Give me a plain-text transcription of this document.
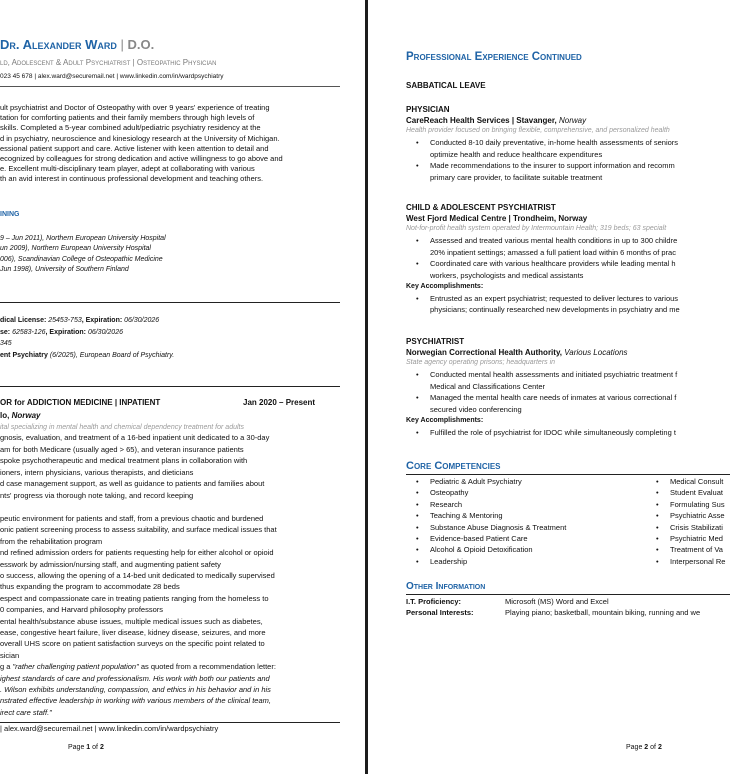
Dr. Alexander Ward | D.O.
ld, Adolescent & Adult Psychiatrist | Osteopathic Physician
023 45 678 | alex.ward@securemail.net | www.linkedin.com/in/wardpsychiatry
ult psychiatrist and Doctor of Osteopathy with over 9 years' experience of treating
tation for comforting patients and their family members through high levels of
skills. Completed a 5-year combined adult/pediatric psychiatry residency at the
d in psychiatry, neuroscience and kinesiology research at the University of Michigan.
essional patient support and care. Active listener with keen attention to detail and
ecognized by colleagues for strong dedication and active willingness to go above and
e. Excellent multi-disciplinary team player, adept at collaborating with various
th an avid interest in continuous professional development and teaching others.
ining
9 – Jun 2011), Northern European University Hospital
un 2009), Northern European University Hospital
006), Scandinavian College of Osteopathic Medicine
Jun 1998), University of Southern Finland
dical License: 25453-753, Expiration: 06/30/2026
se: 62583-126, Expiration: 06/30/2026
345
ent Psychiatry (6/2025), European Board of Psychiatry.
OR for ADDICTION MEDICINE | INPATIENT	Jan 2020 – Present
lo, Norway
ital specializing in mental health and chemical dependency treatment for adults
gnosis, evaluation, and treatment of a 16-bed inpatient unit dedicated to a 30-day
am for both Medicare (usually aged > 65), and veteran insurance patients
spoke psychotherapeutic and medical treatment plans in collaboration with
ioners, intern physicians, various therapists, and dieticians
d case management support, as well as guidance to patients and families about
nts' progress via thorough note taking, and record keeping
peutic environment for patients and staff, from a previous chaotic and burdened
onic patient screening process to assess suitability, and surface medical issues that
from the rehabilitation program
nd refined admission orders for patients requesting help for either alcohol or opioid
esswork by admission/nursing staff, and augmenting patient safety
o success, allowing the opening of a 14-bed unit dedicated to medically supervised
thus expanding the program to accommodate 28 beds
espect and compassionate care in treating patients ranging from the homeless to
0 companies, and Harvard philosophy professors
ental health/substance abuse issues, multiple medical issues such as diabetes,
ease, congestive heart failure, liver disease, kidney disease, seizures, and more
overall UHS score on patient satisfaction surveys on the specific point related to
sician
g a "rather challenging patient population" as quoted from a recommendation letter:
ighest standards of care and professionalism. His work with both our patients and
. Wilson exhibits understanding, compassion, and ethics in his behavior and in his
nstrated effective leadership in working with various members of the clinical team,
irect care staff."
| alex.ward@securemail.net | www.linkedin.com/in/wardpsychiatry
Page 1 of 2
Professional Experience Continued
SABBATICAL LEAVE
PHYSICIAN
CareReach Health Services | Stavanger, Norway
Health provider focused on bringing flexible, comprehensive, and personalized health
• Conducted 8-10 daily preventative, in-home health assessments of seniors
optimize health and reduce healthcare expenditures
• Made recommendations to the insurer to support information and recomm
primary care provider, to facilitate suitable treatment
CHILD & ADOLESCENT PSYCHIATRIST
West Fjord Medical Centre | Trondheim, Norway
Not-for-profit health system operated by Intermountain Health; 319 beds; 63 specialt
• Assessed and treated various mental health conditions in up to 300 childre
20% inpatient settings; amassed a full patient load within 6 months of prac
• Coordinated care with various healthcare providers while leading mental h
workers, psychologists and medical assistants
Key Accomplishments:
• Entrusted as an expert psychiatrist; requested to deliver lectures to various
physicians; continually researched new developments in psychiatry and me
PSYCHIATRIST
Norwegian Correctional Health Authority, Various Locations
State agency operating prisons; headquarters in
• Conducted mental health assessments and initiated psychiatric treatment f
Medical and Classifications Center
• Managed the mental health care needs of inmates at various correctional f
secured video conferencing
Key Accomplishments:
• Fulfilled the role of psychiatrist for IDOC while simultaneously completing t
Core Competencies
• Pediatric & Adult Psychiatry
• Osteopathy
• Research
• Teaching & Mentoring
• Substance Abuse Diagnosis & Treatment
• Evidence-based Patient Care
• Alcohol & Opioid Detoxification
• Leadership
• Medical Consult
• Student Evaluat
• Formulating Sus
• Psychiatric Asse
• Crisis Stabilizati
• Psychiatric Med
• Treatment of Va
• Interpersonal Re
Other Information
I.T. Proficiency:	Microsoft (MS) Word and Excel
Personal Interests:	Playing piano; basketball, mountain biking, running and we
Page 2 of 2
